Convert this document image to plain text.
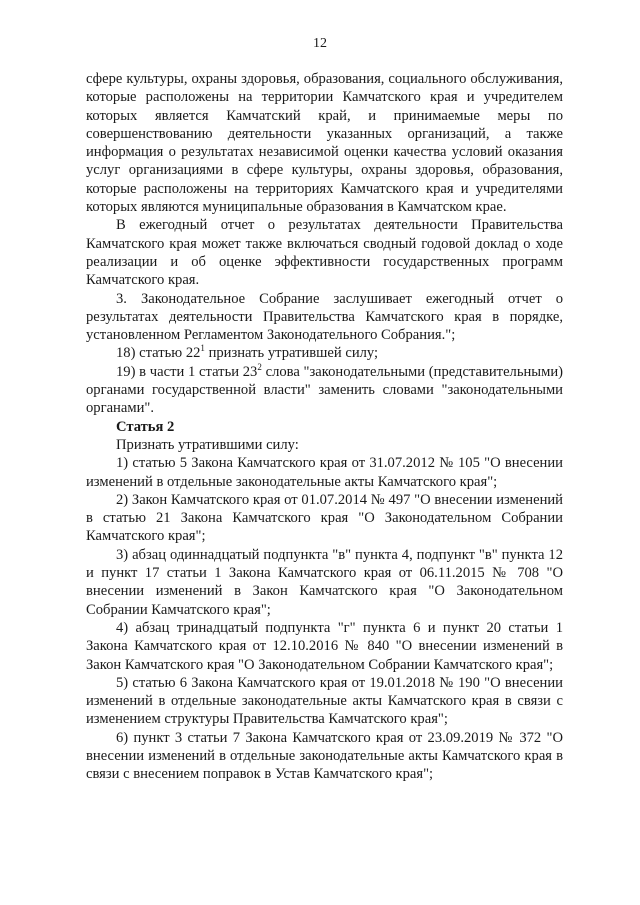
12

сфере культуры, охраны здоровья, образования, социального обслуживания, которые расположены на территории Камчатского края и учредителем которых является Камчатский край, и принимаемые меры по совершенствованию деятельности указанных организаций, а также информация о результатах независимой оценки качества условий оказания услуг организациями в сфере культуры, охраны здоровья, образования, которые расположены на территориях Камчатского края и учредителями которых являются муниципальные образования в Камчатском крае.

В ежегодный отчет о результатах деятельности Правительства Камчатского края может также включаться сводный годовой доклад о ходе реализации и об оценке эффективности государственных программ Камчатского края.

3. Законодательное Собрание заслушивает ежегодный отчет о результатах деятельности Правительства Камчатского края в порядке, установленном Регламентом Законодательного Собрания.";

18) статью $22^1$ признать утратившей силу;

19) в части 1 статьи $23^2$ слова "законодательными (представительными) органами государственной власти" заменить словами "законодательными органами".

Статья 2

Признать утратившими силу:

1) статью 5 Закона Камчатского края от 31.07.2012 № 105 "О внесении изменений в отдельные законодательные акты Камчатского края";

2) Закон Камчатского края от 01.07.2014 № 497 "О внесении изменений в статью 21 Закона Камчатского края "О Законодательном Собрании Камчатского края";

3) абзац одиннадцатый подпункта "в" пункта 4, подпункт "в" пункта 12 и пункт 17 статьи 1 Закона Камчатского края от 06.11.2015 № 708 "О внесении изменений в Закон Камчатского края "О Законодательном Собрании Камчатского края";

4) абзац тринадцатый подпункта "г" пункта 6 и пункт 20 статьи 1 Закона Камчатского края от 12.10.2016 № 840 "О внесении изменений в Закон Камчатского края "О Законодательном Собрании Камчатского края";

5) статью 6 Закона Камчатского края от 19.01.2018 № 190 "О внесении изменений в отдельные законодательные акты Камчатского края в связи с изменением структуры Правительства Камчатского края";

6) пункт 3 статьи 7 Закона Камчатского края от 23.09.2019 № 372 "О внесении изменений в отдельные законодательные акты Камчатского края в связи с внесением поправок в Устав Камчатского края";
